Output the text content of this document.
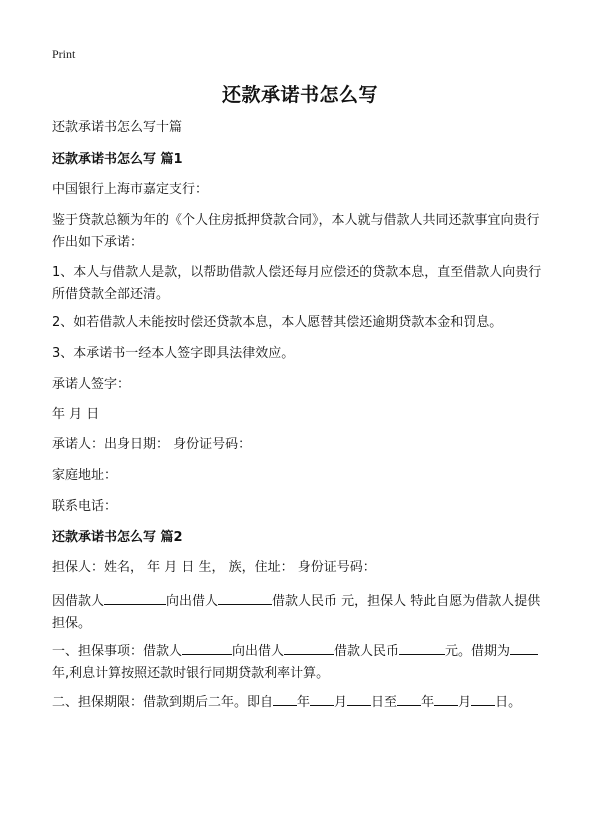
Print
还款承诺书怎么写

还款承诺书怎么写十篇

还款承诺书怎么写 篇1

中国银行上海市嘉定支行：

鉴于贷款总额为年的《个人住房抵押贷款合同》，本人就与借款人共同还款事宜向贵行作出如下承诺：

1、本人与借款人是款，以帮助借款人偿还每月应偿还的贷款本息，直至借款人向贵行所借贷款全部还清。

2、如若借款人未能按时偿还贷款本息，本人愿替其偿还逾期贷款本金和罚息。

3、本承诺书一经本人签字即具法律效应。

承诺人签字：

年 月 日

承诺人：出身日期： 身份证号码：

家庭地址：

联系电话：

还款承诺书怎么写 篇2

担保人：姓名， 年 月 日 生， 族，住址： 身份证号码：

因借款人	向出借人	借款人民币 元，担保人 特此自愿为借款人提供担保。

一、担保事项：借款人	向出借人	借款人民币	元。借期为年,利息计算按照还款时银行同期贷款利率计算。

二、担保期限：借款到期后二年。即自 年 月 日至 年 月 日。
